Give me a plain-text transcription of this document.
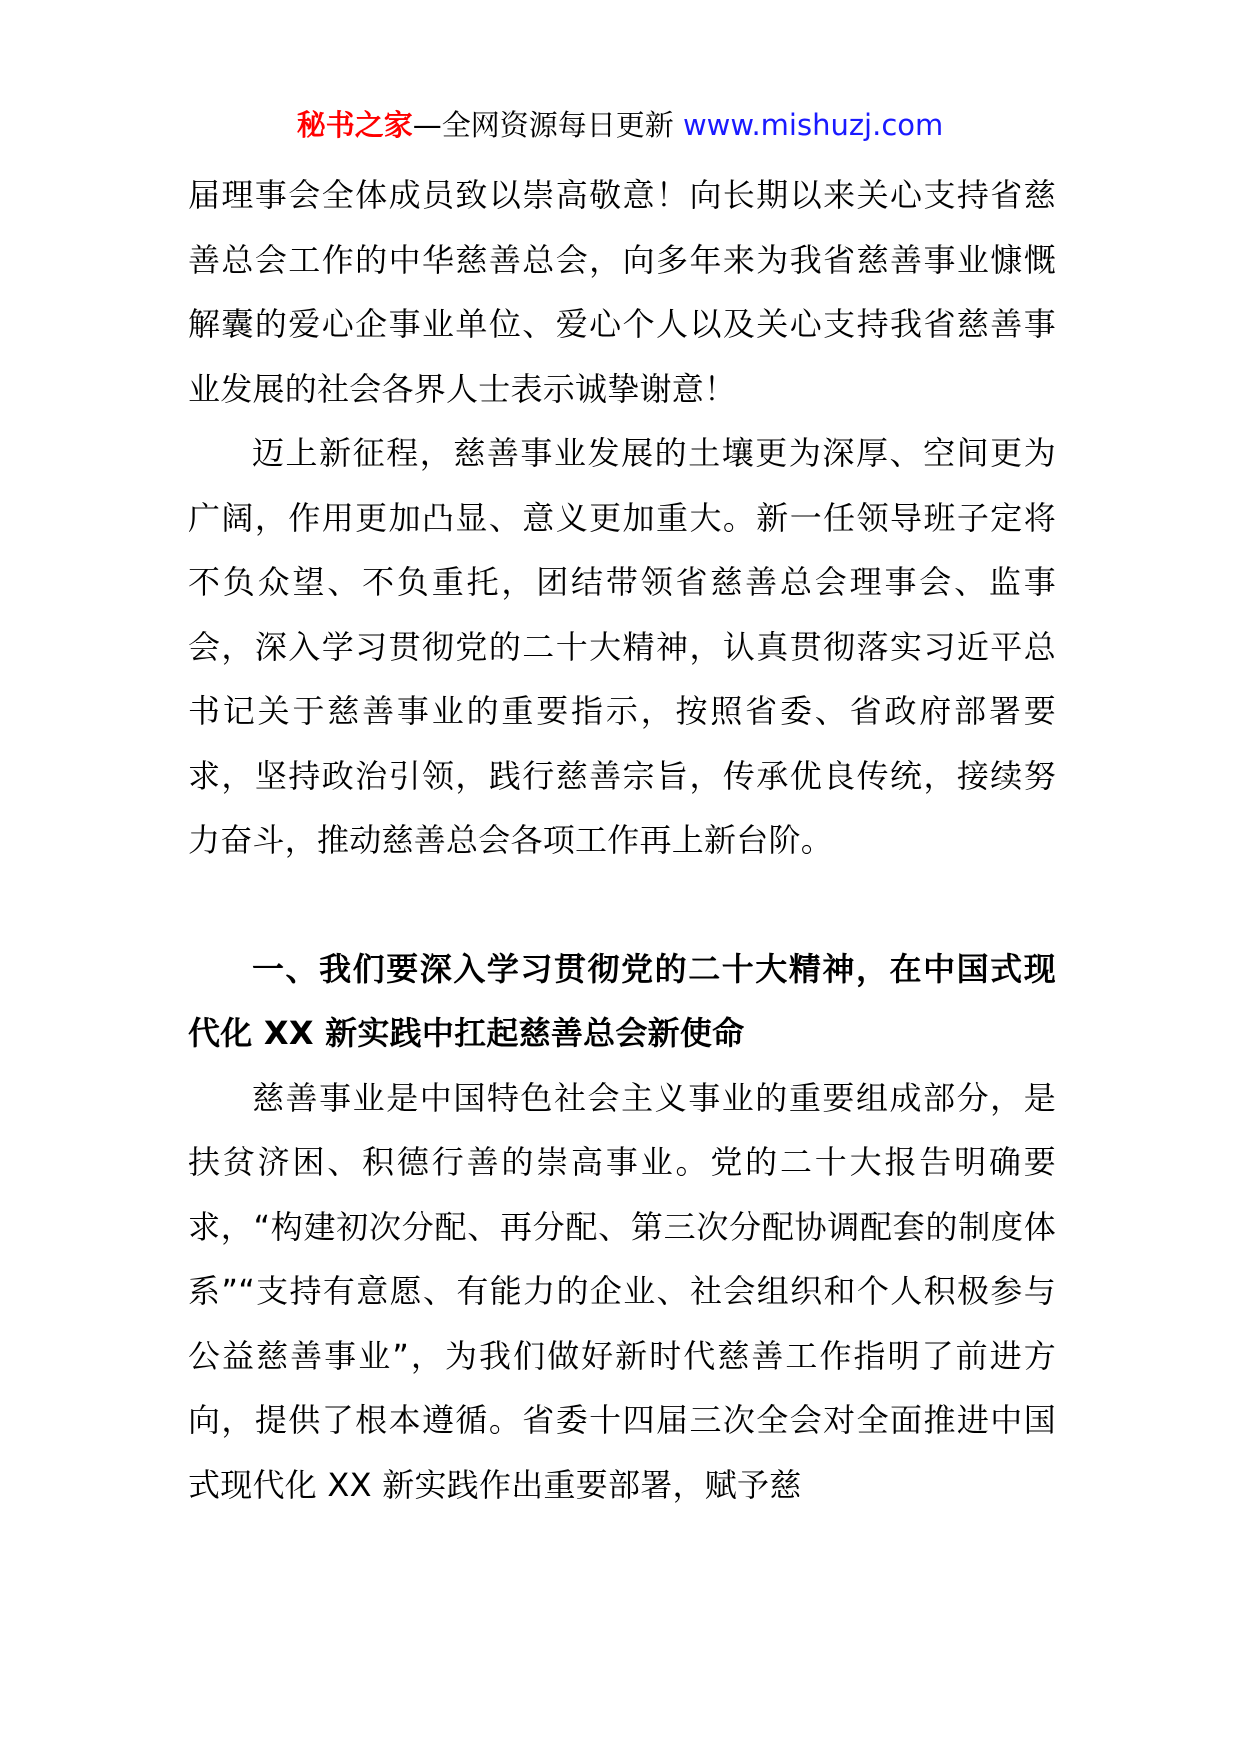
秘书之家—全网资源每日更新 www.mishuzj.com

届理事会全体成员致以崇高敬意！向长期以来关心支持省慈善总会工作的中华慈善总会，向多年来为我省慈善事业慷慨解囊的爱心企事业单位、爱心个人以及关心支持我省慈善事业发展的社会各界人士表示诚挚谢意！

迈上新征程，慈善事业发展的土壤更为深厚、空间更为广阔，作用更加凸显、意义更加重大。新一任领导班子定将不负众望、不负重托，团结带领省慈善总会理事会、监事会，深入学习贯彻党的二十大精神，认真贯彻落实习近平总书记关于慈善事业的重要指示，按照省委、省政府部署要求，坚持政治引领，践行慈善宗旨，传承优良传统，接续努力奋斗，推动慈善总会各项工作再上新台阶。

一、我们要深入学习贯彻党的二十大精神，在中国式现代化 XX 新实践中扛起慈善总会新使命

慈善事业是中国特色社会主义事业的重要组成部分，是扶贫济困、积德行善的崇高事业。党的二十大报告明确要求，“构建初次分配、再分配、第三次分配协调配套的制度体系”“支持有意愿、有能力的企业、社会组织和个人积极参与公益慈善事业”，为我们做好新时代慈善工作指明了前进方向，提供了根本遵循。省委十四届三次全会对全面推进中国式现代化 XX 新实践作出重要部署，赋予慈
